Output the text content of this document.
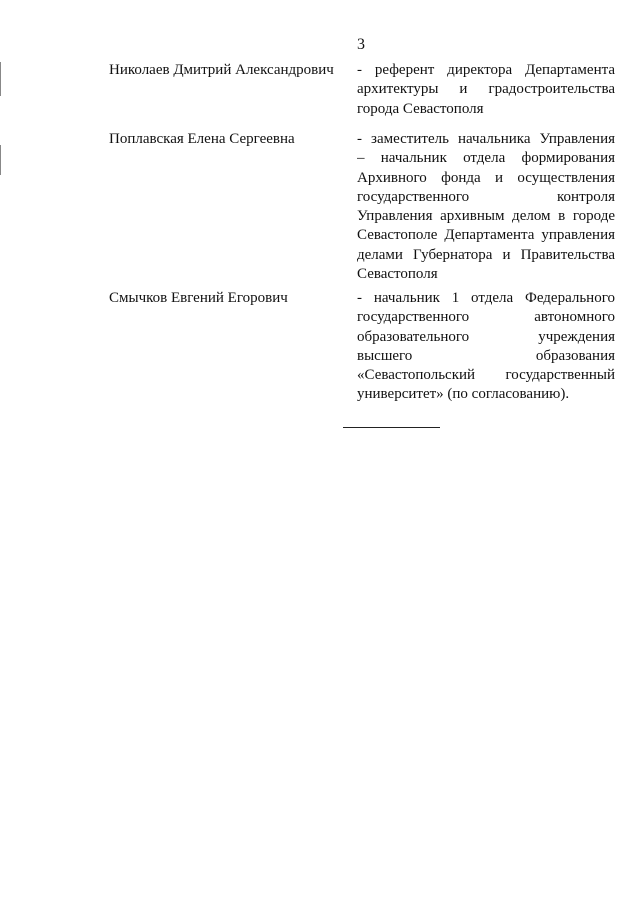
3
Николаев Дмитрий Александрович - референт директора Департамента
архитектуры и градостроительства
города Севастополя
Поплавская Елена Сергеевна	- заместитель начальника Управления
– начальник отдела формирования
Архивного фонда и осуществления
государственного контроля
Управления архивным делом в городе
Севастополе Департамента управления
делами Губернатора и Правительства
Севастополя
Смычков Евгений Егорович	- начальник 1 отдела Федерального
государственного автономного
образовательного учреждения
высшего образования
«Севастопольский государственный
университет» (по согласованию).
